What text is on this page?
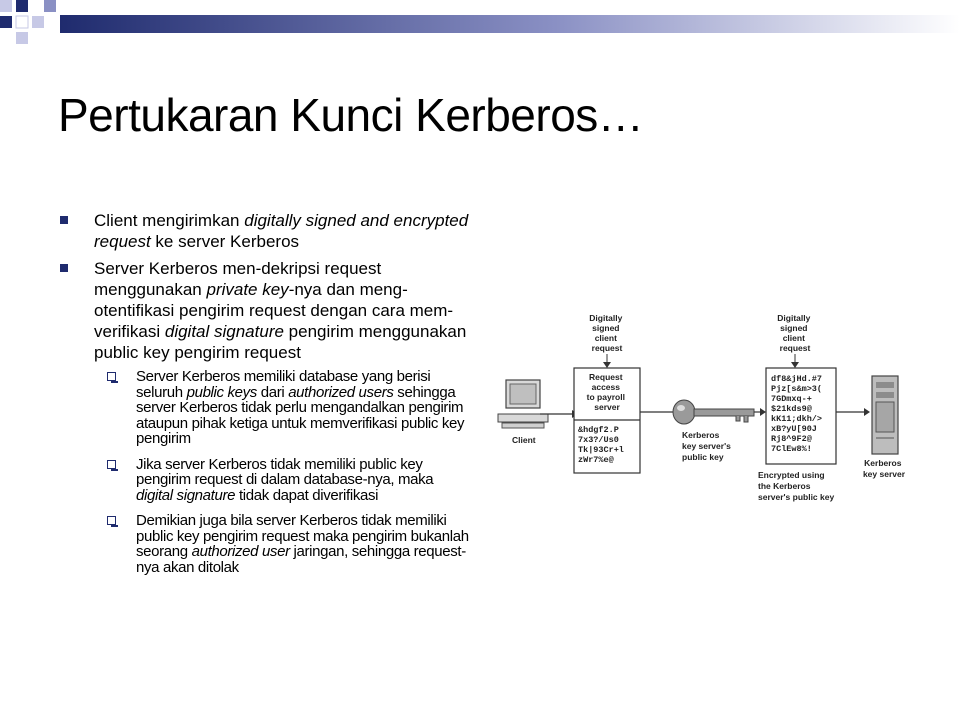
Pertukaran Kunci Kerberos…
Client mengirimkan digitally signed and encrypted request ke server Kerberos
Server Kerberos men-dekripsi request menggunakan private key-nya dan meng-otentifikasi pengirim request dengan cara mem-verifikasi digital signature pengirim menggunakan public key pengirim request
Server Kerberos memiliki database yang berisi seluruh public keys dari authorized users sehingga server Kerberos tidak perlu mengandalkan pengirim ataupun pihak ketiga untuk memverifikasi public key pengirim
Jika server Kerberos tidak memiliki public key pengirim request di dalam database-nya, maka digital signature tidak dapat diverifikasi
Demikian juga bila server Kerberos tidak memiliki public key pengirim request maka pengirim bukanlah seorang authorized user jaringan, sehingga request-nya akan ditolak
Client
Digitally signed client request
Request access to payroll server
&hdgf2.P 7x3?/Us0 Tk|93Cr+l zWr7%e@
Kerberos key server's public key
Digitally signed client request
df8&jHd.#7 Pjz[s&m>3( 7GDmxq-+ $21kds9@ kK11;dkh/> xB?yU[90J Rj8^9F2@ 7ClEw8%!
Encrypted using the Kerberos server's public key
Kerberos key server
